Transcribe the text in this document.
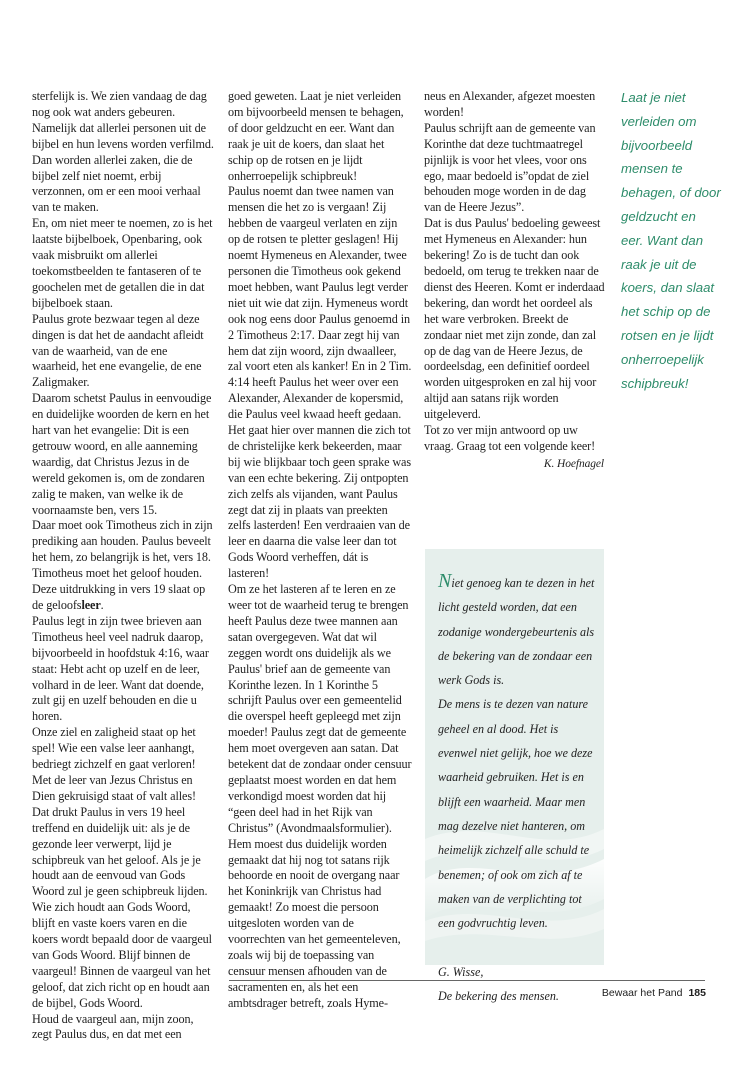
sterfelijk is. We zien vandaag de dag nog ook wat anders gebeuren. Namelijk dat allerlei personen uit de bijbel en hun levens worden verfilmd. Dan worden allerlei zaken, die de bijbel zelf niet noemt, erbij verzonnen, om er een mooi verhaal van te maken.

En, om niet meer te noemen, zo is het laatste bijbelboek, Openbaring, ook vaak misbruikt om allerlei toekomstbeelden te fantaseren of te goochelen met de getallen die in dat bijbelboek staan.

Paulus grote bezwaar tegen al deze dingen is dat het de aandacht afleidt van de waarheid, van de ene waarheid, het ene evangelie, de ene Zaligmaker.

Daarom schetst Paulus in eenvoudige en duidelijke woorden de kern en het hart van het evangelie: Dit is een getrouw woord, en alle aanneming waardig, dat Christus Jezus in de wereld gekomen is, om de zondaren zalig te maken, van welke ik de voornaamste ben, vers 15.

Daar moet ook Timotheus zich in zijn prediking aan houden. Paulus beveelt het hem, zo belangrijk is het, vers 18. Timotheus moet het geloof houden. Deze uitdrukking in vers 19 slaat op de geloofsleer.

Paulus legt in zijn twee brieven aan Timotheus heel veel nadruk daarop, bijvoorbeeld in hoofdstuk 4:16, waar staat: Hebt acht op uzelf en de leer, volhard in de leer. Want dat doende, zult gij en uzelf behouden en die u horen.

Onze ziel en zaligheid staat op het spel! Wie een valse leer aanhangt, bedriegt zichzelf en gaat verloren! Met de leer van Jezus Christus en Dien gekruisigd staat of valt alles! Dat drukt Paulus in vers 19 heel treffend en duidelijk uit: als je de gezonde leer verwerpt, lijd je schipbreuk van het geloof. Als je je houdt aan de eenvoud van Gods Woord zul je geen schipbreuk lijden. Wie zich houdt aan Gods Woord, blijft en vaste koers varen en die koers wordt bepaald door de vaargeul van Gods Woord. Blijf binnen de vaargeul! Binnen de vaargeul van het geloof, dat zich richt op en houdt aan de bijbel, Gods Woord.

Houd de vaargeul aan, mijn zoon, zegt Paulus dus, en dat met een

goed geweten. Laat je niet verleiden om bijvoorbeeld mensen te behagen, of door geldzucht en eer. Want dan raak je uit de koers, dan slaat het schip op de rotsen en je lijdt onherroepelijk schipbreuk!

Paulus noemt dan twee namen van mensen die het zo is vergaan! Zij hebben de vaargeul verlaten en zijn op de rotsen te pletter geslagen! Hij noemt Hymeneus en Alexander, twee personen die Timotheus ook gekend moet hebben, want Paulus legt verder niet uit wie dat zijn. Hymeneus wordt ook nog eens door Paulus genoemd in 2 Timotheus 2:17. Daar zegt hij van hem dat zijn woord, zijn dwaalleer, zal voort eten als kanker! En in 2 Tim. 4:14 heeft Paulus het weer over een Alexander, Alexander de kopersmid, die Paulus veel kwaad heeft gedaan. Het gaat hier over mannen die zich tot de christelijke kerk bekeerden, maar bij wie blijkbaar toch geen sprake was van een echte bekering. Zij ontpopten zich zelfs als vijanden, want Paulus zegt dat zij in plaats van preekten zelfs lasterden! Een verdraaien van de leer en daarna die valse leer dan tot Gods Woord verheffen, dát is lasteren!

Om ze het lasteren af te leren en ze weer tot de waarheid terug te brengen heeft Paulus deze twee mannen aan satan overgegeven. Wat dat wil zeggen wordt ons duidelijk als we Paulus' brief aan de gemeente van Korinthe lezen. In 1 Korinthe 5 schrijft Paulus over een gemeentelid die overspel heeft gepleegd met zijn moeder! Paulus zegt dat de gemeente hem moet overgeven aan satan. Dat betekent dat de zondaar onder censuur geplaatst moest worden en dat hem verkondigd moest worden dat hij “geen deel had in het Rijk van Christus” (Avondmaalsformulier). Hem moest dus duidelijk worden gemaakt dat hij nog tot satans rijk behoorde en nooit de overgang naar het Koninkrijk van Christus had gemaakt! Zo moest die persoon uitgesloten worden van de voorrechten van het gemeenteleven, zoals wij bij de toepassing van censuur mensen afhouden van de sacramenten en, als het een ambtsdrager betreft, zoals Hyme-

neus en Alexander, afgezet moesten worden!

Paulus schrijft aan de gemeente van Korinthe dat deze tuchtmaatregel pijnlijk is voor het vlees, voor ons ego, maar bedoeld is”opdat de ziel behouden moge worden in de dag van de Heere Jezus”.

Dat is dus Paulus' bedoeling geweest met Hymeneus en Alexander: hun bekering! Zo is de tucht dan ook bedoeld, om terug te trekken naar de dienst des Heeren. Komt er inderdaad bekering, dan wordt het oordeel als het ware verbroken. Breekt de zondaar niet met zijn zonde, dan zal op de dag van de Heere Jezus, de oordeelsdag, een definitief oordeel worden uitgesproken en zal hij voor altijd aan satans rijk worden uitgeleverd.

Tot zo ver mijn antwoord op uw vraag. Graag tot een volgende keer!

K. Hoefnagel

Laat je niet verleiden om bijvoorbeeld mensen te behagen, of door geldzucht en eer. Want dan raak je uit de koers, dan slaat het schip op de rotsen en je lijdt onherroepelijk schipbreuk!

Niet genoeg kan te dezen in het licht gesteld worden, dat een zodanige wondergebeurtenis als de bekering van de zondaar een werk Gods is.

De mens is te dezen van nature geheel en al dood. Het is evenwel niet gelijk, hoe we deze waarheid gebruiken. Het is en blijft een waarheid. Maar men mag dezelve niet hanteren, om heimelijk zichzelf alle schuld te benemen; of ook om zich af te maken van de verplichting tot een godvruchtig leven.

G. Wisse,

De bekering des mensen.	Bewaar het Pand 185
